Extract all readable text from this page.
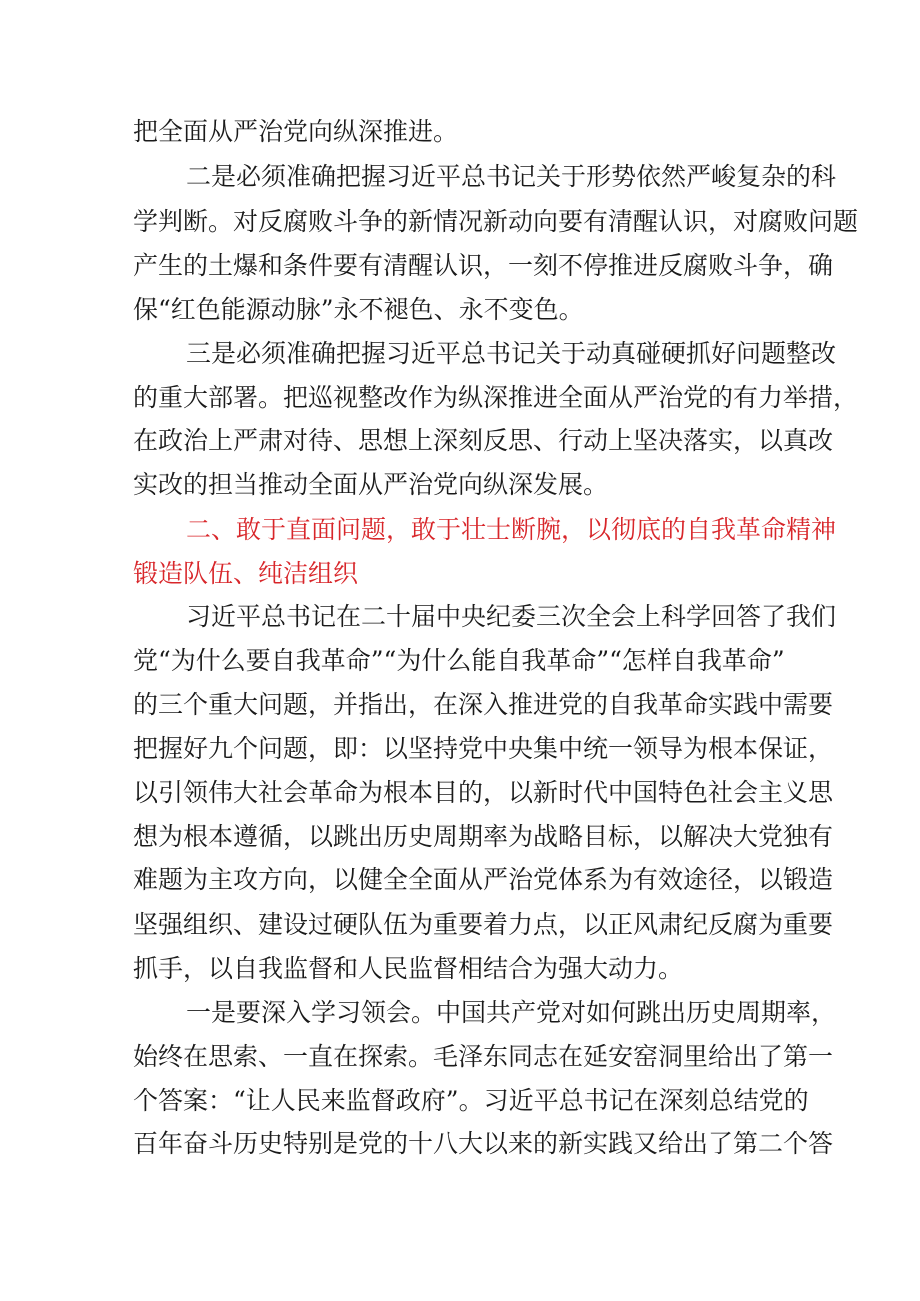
把全面从严治党向纵深推进。
二是必须准确把握习近平总书记关于形势依然严峻复杂的科
学判断。对反腐败斗争的新情况新动向要有清醒认识，对腐败问题
产生的土爆和条件要有清醒认识，一刻不停推进反腐败斗争，确
保“红色能源动脉”永不褪色、永不变色。
三是必须准确把握习近平总书记关于动真碰硬抓好问题整改
的重大部署。把巡视整改作为纵深推进全面从严治党的有力举措，
在政治上严肃对待、思想上深刻反思、行动上坚决落实，以真改
实改的担当推动全面从严治党向纵深发展。
二、敢于直面问题，敢于壮士断腕，以彻底的自我革命精神
锻造队伍、纯洁组织
习近平总书记在二十届中央纪委三次全会上科学回答了我们
党“为什么要自我革命”“为什么能自我革命”“怎样自我革命”
的三个重大问题，并指出，在深入推进党的自我革命实践中需要
把握好九个问题，即：以坚持党中央集中统一领导为根本保证，
以引领伟大社会革命为根本目的，以新时代中国特色社会主义思
想为根本遵循，以跳出历史周期率为战略目标，以解决大党独有
难题为主攻方向，以健全全面从严治党体系为有效途径，以锻造
坚强组织、建设过硬队伍为重要着力点，以正风肃纪反腐为重要
抓手，以自我监督和人民监督相结合为强大动力。
一是要深入学习领会。中国共产党对如何跳出历史周期率，
始终在思索、一直在探索。毛泽东同志在延安窑洞里给出了第一
个答案：“让人民来监督政府”。习近平总书记在深刻总结党的
百年奋斗历史特别是党的十八大以来的新实践又给出了第二个答
